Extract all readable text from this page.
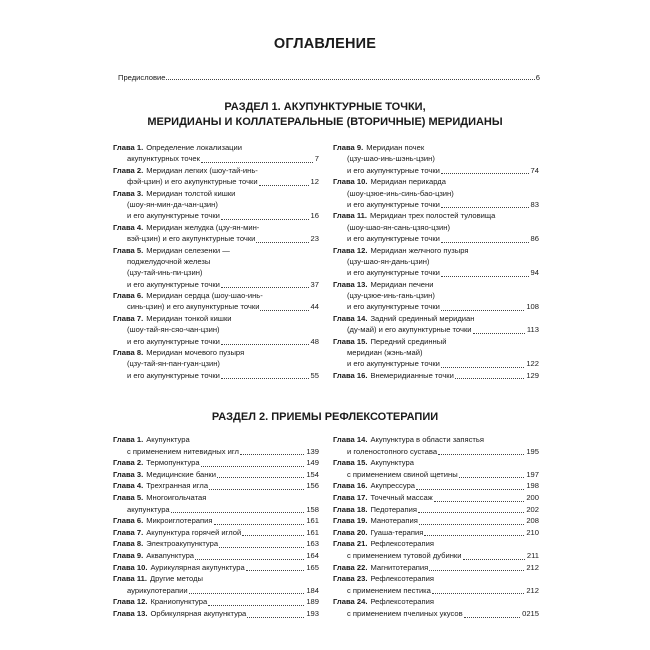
ОГЛАВЛЕНИЕ
Предисловие	6
РАЗДЕЛ 1. АКУПУНКТУРНЫЕ ТОЧКИ,
МЕРИДИАНЫ И КОЛЛАТЕРАЛЬНЫЕ (ВТОРИЧНЫЕ) МЕРИДИАНЫ
Глава 1. Определение локализации
акупунктурных точек	7
Глава 2. Меридиан легких (шоу-тай-инь-
фэй-цзин) и его акупунктурные точки	12
Глава 3. Меридиан толстой кишки
(шоу-ян-мин-да-чан-цзин)
и его акупунктурные точки	16
Глава 4. Меридиан желудка (цзу-ян-мин-
вэй-цзин) и его акупунктурные точки	23
Глава 5. Меридиан селезенки —
поджелудочной железы
(цзу-тай-инь-пи-цзин)
и его акупунктурные точки	37
Глава 6. Меридиан сердца (шоу-шао-инь-
синь-цзин) и его акупунктурные точки	44
Глава 7. Меридиан тонкой кишки
(шоу-тай-ян-сяо-чан-цзин)
и его акупунктурные точки	48
Глава 8. Меридиан мочевого пузыря
(цзу-тай-ян-пан-гуан-цзин)
и его акупунктурные точки	55
Глава 9. Меридиан почек
(цзу-шао-инь-шэнь-цзин)
и его акупунктурные точки	74
Глава 10. Меридиан перикарда
(шоу-цзюе-инь-синь-бао-цзин)
и его акупунктурные точки	83
Глава 11. Меридиан трех полостей туловища
(шоу-шао-ян-сань-цзяо-цзин)
и его акупунктурные точки	86
Глава 12. Меридиан желчного пузыря
(цзу-шао-ян-дань-цзин)
и его акупунктурные точки	94
Глава 13. Меридиан печени
(цзу-цзюе-инь-гань-цзин)
и его акупунктурные точки	108
Глава 14. Задний срединный меридиан
(ду-май) и его акупунктурные точки	113
Глава 15. Передний срединный
меридиан (жэнь-май)
и его акупунктурные точки	122
Глава 16. Внемеридианные точки	129
РАЗДЕЛ 2. ПРИЕМЫ РЕФЛЕКСОТЕРАПИИ
Глава 1. Акупунктура
с применением нитевидных игл	139
Глава 2. Термопунктура	149
Глава 3. Медицинские банки	154
Глава 4. Трехгранная игла	156
Глава 5. Многоигольчатая
акупунктура	158
Глава 6. Микроиглотерапия	161
Глава 7. Акупунктура горячей иглой	161
Глава 8. Электроакупунктура	163
Глава 9. Аквапунктура	164
Глава 10. Аурикулярная акупунктура	165
Глава 11. Другие методы
аурикулотерапии	184
Глава 12. Краниопунктура	189
Глава 13. Орбикулярная акупунктура	193
Глава 14. Акупунктура в области запястья
и голеностопного сустава	195
Глава 15. Акупунктура
с применением свиной щетины	197
Глава 16. Акупрессура	198
Глава 17. Точечный массаж	200
Глава 18. Педотерапия	202
Глава 19. Манотерапия	208
Глава 20. Гуаша-терапия	210
Глава 21. Рефлексотерапия
с применением тутовой дубинки	211
Глава 22. Магнитотерапия	212
Глава 23. Рефлексотерапия
с применением пестика	212
Глава 24. Рефлексотерапия
с применением пчелиных укусов	0215
